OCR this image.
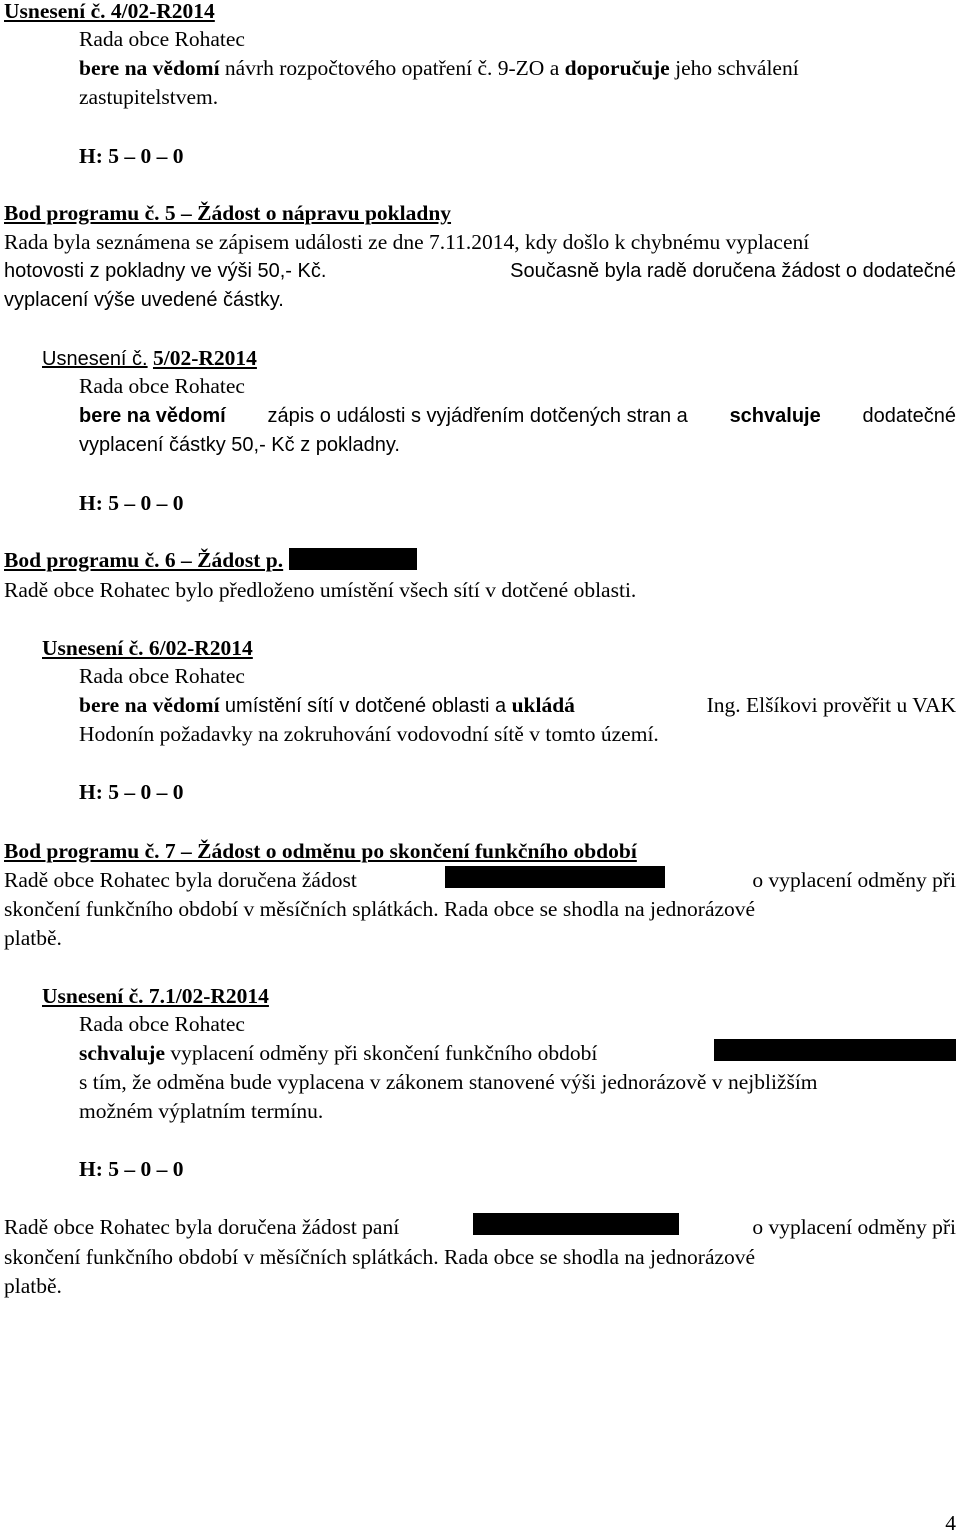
Usnesení č. 4/02-R2014
Rada obce Rohatec
bere na vědomí návrh rozpočtového opatření č. 9-ZO a doporučuje jeho schválení
zastupitelstvem.
H: 5 – 0 – 0
Bod programu č. 5 – Žádost o nápravu pokladny
Rada byla seznámena se zápisem události ze dne 7.11.2014, kdy došlo k chybnému vyplacení
hotovosti z pokladny ve výši 50,- Kč.	Současně byla radě doručena žádost o dodatečné
vyplacení výše uvedené částky.
Usnesení č. 5/02-R2014
Rada obce Rohatec
bere na vědomí zápis o události s vyjádřením dotčených stran a schvaluje dodatečné
vyplacení částky 50,- Kč z pokladny.
H: 5 – 0 – 0
Bod programu č. 6 – Žádost p.
Radě obce Rohatec bylo předloženo umístění všech sítí v dotčené oblasti.
Usnesení č. 6/02-R2014
Rada obce Rohatec
bere na vědomí umístění sítí v dotčené oblasti a ukládá	Ing. Elšíkovi prověřit u VAK
Hodonín požadavky na zokruhování vodovodní sítě v tomto území.
H: 5 – 0 – 0
Bod programu č. 7 – Žádost o odměnu po skončení funkčního období
Radě obce Rohatec byla doručena žádost	o vyplacení odměny při
skončení funkčního období v měsíčních splátkách. Rada obce se shodla na jednorázové
platbě.
Usnesení č. 7.1/02-R2014
Rada obce Rohatec
schvaluje vyplacení odměny při skončení funkčního období
s tím, že odměna bude vyplacena v zákonem stanovené výši jednorázově v nejbližším
možném výplatním termínu.
H: 5 – 0 – 0
Radě obce Rohatec byla doručena žádost paní	o vyplacení odměny při
skončení funkčního období v měsíčních splátkách. Rada obce se shodla na jednorázové
platbě.
4
